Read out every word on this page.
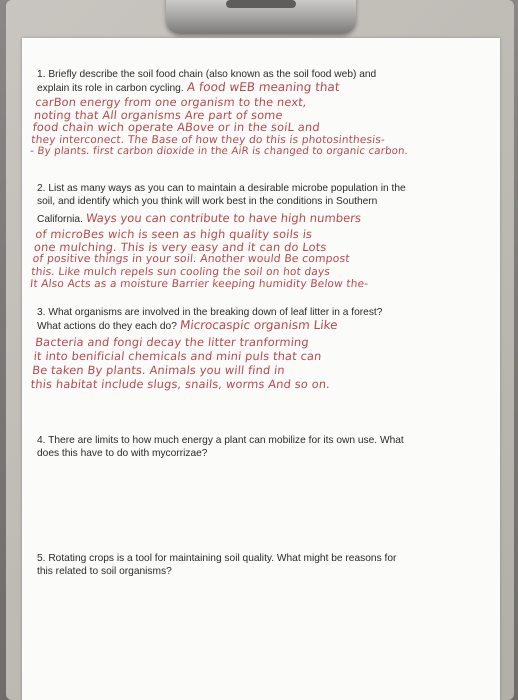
1. Briefly describe the soil food chain (also known as the soil food web) and
explain its role in carbon cycling. A food wEB meaning that
carBon energy from one organism to the next,
noting that All organisms Are part of some
food chain wich operate ABove or in the soiL and
they interconect. The Base of how they do this is photosinthesis-
- By plants. first carbon dioxide in the AiR is changed to organic carbon.
2. List as many ways as you can to maintain a desirable microbe population in the
soil, and identify which you think will work best in the conditions in Southern
California. Ways you can contribute to have high numbers
of microBes wich is seen as high quality soils is
one mulching. This is very easy and it can do Lots
of positive things in your soil. Another would Be compost
this. Like mulch repels sun cooling the soil on hot days
It Also Acts as a moisture Barrier keeping humidity Below the-
3. What organisms are involved in the breaking down of leaf litter in a forest?
What actions do they each do? Microcaspic organism Like
Bacteria and fongi decay the litter tranforming
it into benificial chemicals and mini puls that can
Be taken By plants. Animals you will find in
this habitat include slugs, snails, worms And so on.
4. There are limits to how much energy a plant can mobilize for its own use. What
does this have to do with mycorrizae?
5. Rotating crops is a tool for maintaining soil quality. What might be reasons for
this related to soil organisms?
